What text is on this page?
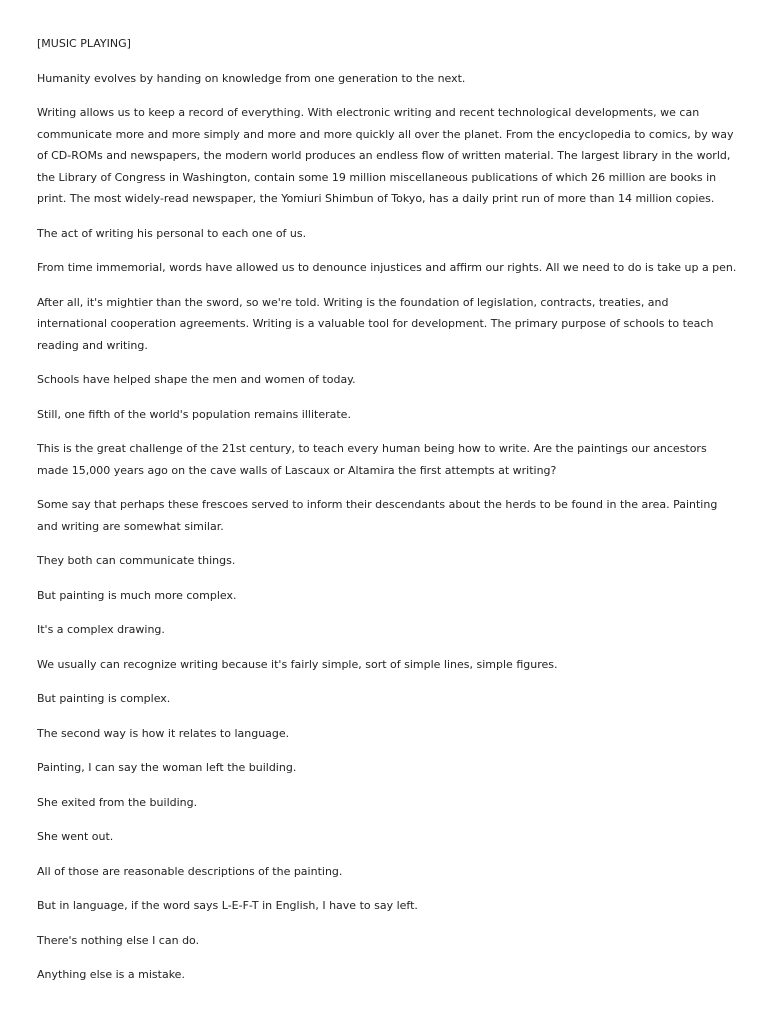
[MUSIC PLAYING]

Humanity evolves by handing on knowledge from one generation to the next.

Writing allows us to keep a record of everything. With electronic writing and recent technological developments, we can communicate more and more simply and more and more quickly all over the planet. From the encyclopedia to comics, by way of CD-ROMs and newspapers, the modern world produces an endless flow of written material. The largest library in the world, the Library of Congress in Washington, contain some 19 million miscellaneous publications of which 26 million are books in print. The most widely-read newspaper, the Yomiuri Shimbun of Tokyo, has a daily print run of more than 14 million copies.

The act of writing his personal to each one of us.

From time immemorial, words have allowed us to denounce injustices and affirm our rights. All we need to do is take up a pen.

After all, it's mightier than the sword, so we're told. Writing is the foundation of legislation, contracts, treaties, and international cooperation agreements. Writing is a valuable tool for development. The primary purpose of schools to teach reading and writing.

Schools have helped shape the men and women of today.

Still, one fifth of the world's population remains illiterate.

This is the great challenge of the 21st century, to teach every human being how to write. Are the paintings our ancestors made 15,000 years ago on the cave walls of Lascaux or Altamira the first attempts at writing?

Some say that perhaps these frescoes served to inform their descendants about the herds to be found in the area. Painting and writing are somewhat similar.

They both can communicate things.

But painting is much more complex.

It's a complex drawing.

We usually can recognize writing because it's fairly simple, sort of simple lines, simple figures.

But painting is complex.

The second way is how it relates to language.

Painting, I can say the woman left the building.

She exited from the building.

She went out.

All of those are reasonable descriptions of the painting.

But in language, if the word says L-E-F-T in English, I have to say left.

There's nothing else I can do.

Anything else is a mistake.
